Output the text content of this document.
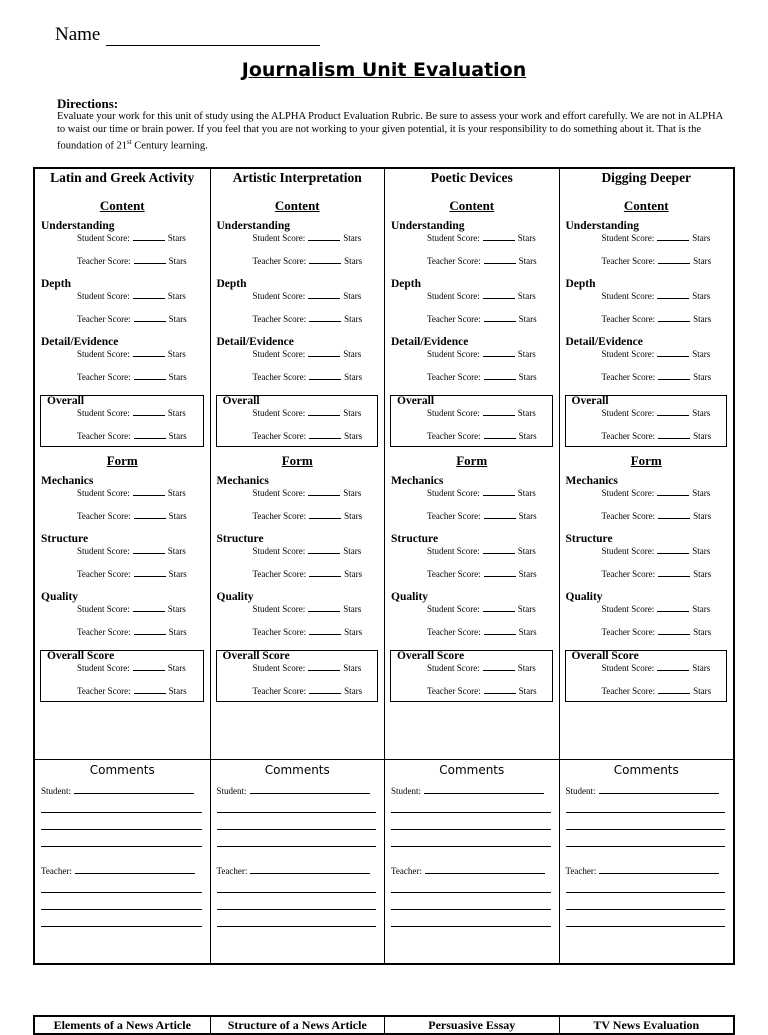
Name
Journalism Unit Evaluation
Directions:
Evaluate your work for this unit of study using the ALPHA Product Evaluation Rubric. Be sure to assess your work and effort carefully. We are not in ALPHA to waist our time or brain power. If you feel that you are not working to your given potential, it is your responsibility to do something about it. That is the foundation of 21st Century learning.
Latin and Greek Activity
Content
Understanding
Student Score:	Stars
Teacher Score:	Stars
Depth
Student Score:	Stars
Teacher Score:	Stars
Detail/Evidence
Student Score:	Stars
Teacher Score:	Stars
Overall
Student Score:	Stars
Teacher Score:	Stars
Form
Mechanics
Student Score:	Stars
Teacher Score:	Stars
Structure
Student Score:	Stars
Teacher Score:	Stars
Quality
Student Score:	Stars
Teacher Score:	Stars
Overall Score
Student Score:	Stars
Teacher Score:	Stars
Comments
Student:
Teacher:
Artistic Interpretation
Content
Understanding
Student Score:	Stars
Teacher Score:	Stars
Depth
Student Score:	Stars
Teacher Score:	Stars
Detail/Evidence
Student Score:	Stars
Teacher Score:	Stars
Overall
Student Score:	Stars
Teacher Score:	Stars
Form
Mechanics
Student Score:	Stars
Teacher Score:	Stars
Structure
Student Score:	Stars
Teacher Score:	Stars
Quality
Student Score:	Stars
Teacher Score:	Stars
Overall Score
Student Score:	Stars
Teacher Score:	Stars
Comments
Student:
Teacher:
Poetic Devices
Content
Understanding
Student Score:	Stars
Teacher Score:	Stars
Depth
Student Score:	Stars
Teacher Score:	Stars
Detail/Evidence
Student Score:	Stars
Teacher Score:	Stars
Overall
Student Score:	Stars
Teacher Score:	Stars
Form
Mechanics
Student Score:	Stars
Teacher Score:	Stars
Structure
Student Score:	Stars
Teacher Score:	Stars
Quality
Student Score:	Stars
Teacher Score:	Stars
Overall Score
Student Score:	Stars
Teacher Score:	Stars
Comments
Student:
Teacher:
Digging Deeper
Content
Understanding
Student Score:	Stars
Teacher Score:	Stars
Depth
Student Score:	Stars
Teacher Score:	Stars
Detail/Evidence
Student Score:	Stars
Teacher Score:	Stars
Overall
Student Score:	Stars
Teacher Score:	Stars
Form
Mechanics
Student Score:	Stars
Teacher Score:	Stars
Structure
Student Score:	Stars
Teacher Score:	Stars
Quality
Student Score:	Stars
Teacher Score:	Stars
Overall Score
Student Score:	Stars
Teacher Score:	Stars
Comments
Student:
Teacher:
Elements of a News Article	Structure of a News Article	Persuasive Essay	TV News Evaluation
